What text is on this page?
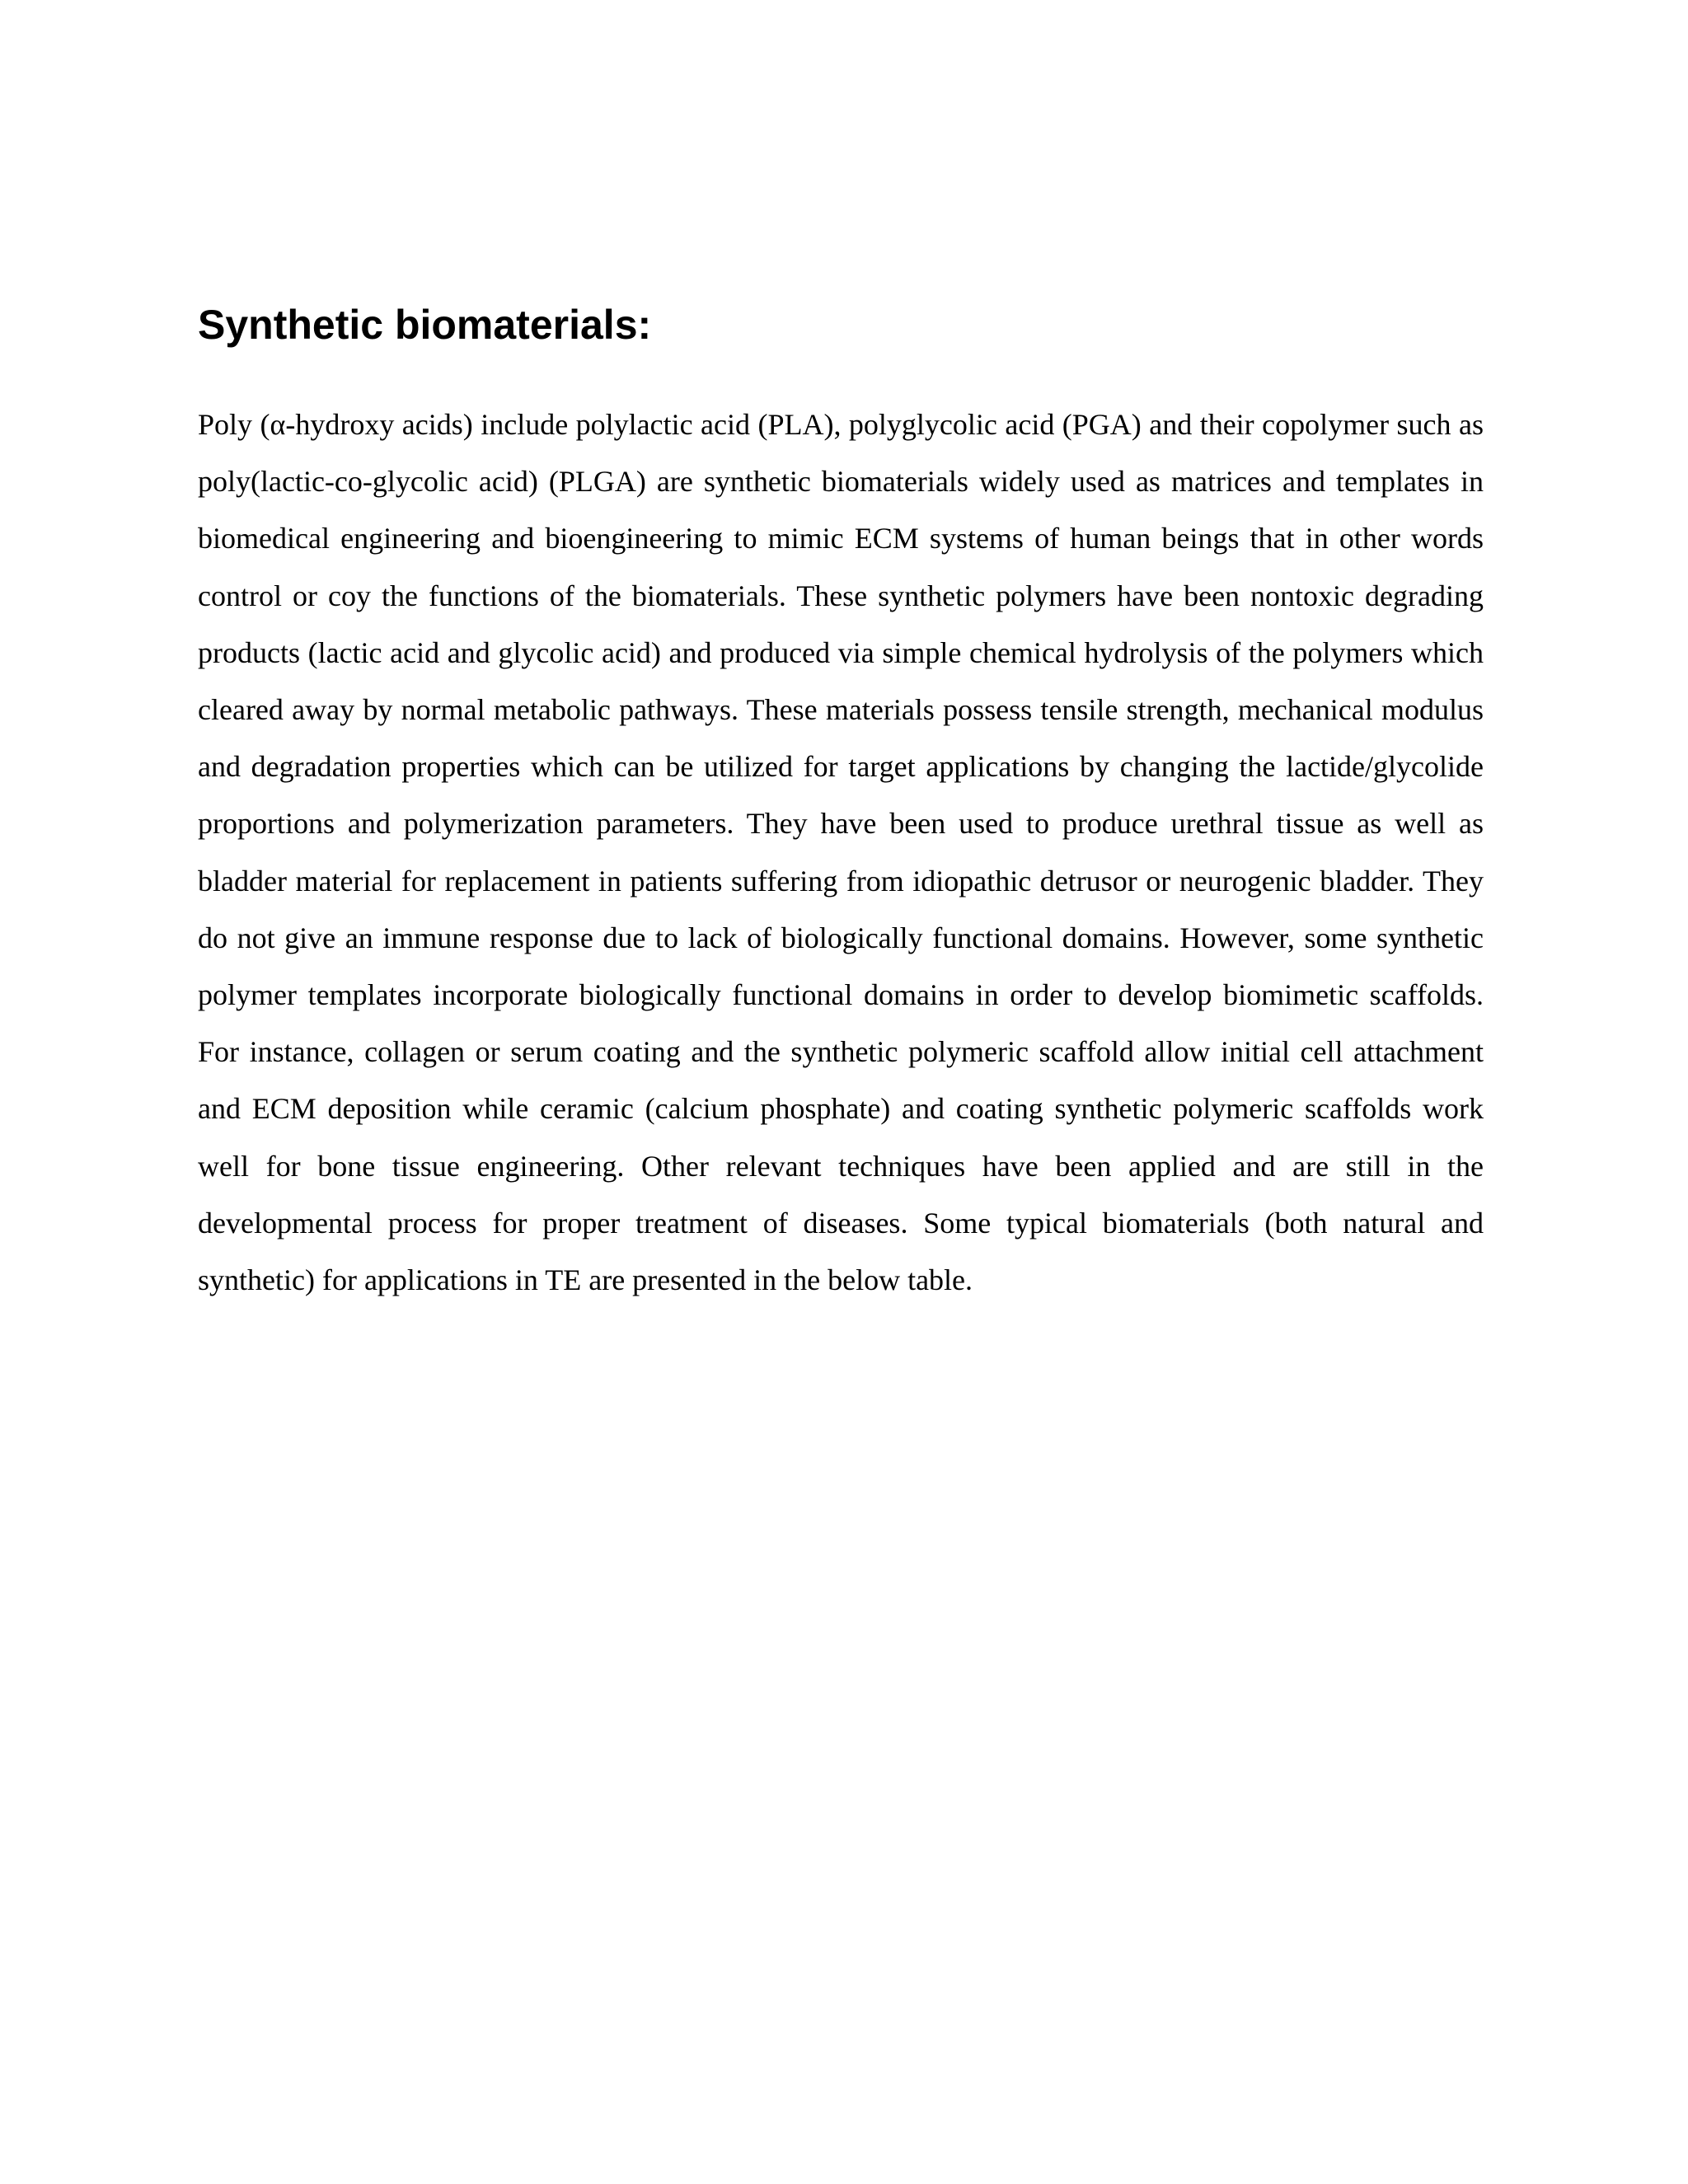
Synthetic biomaterials:

Poly (α-hydroxy acids) include polylactic acid (PLA), polyglycolic acid (PGA) and their copolymer such as poly(lactic-co-glycolic acid) (PLGA) are synthetic biomaterials widely used as matrices and templates in biomedical engineering and bioengineering to mimic ECM systems of human beings that in other words control or coy the functions of the biomaterials. These synthetic polymers have been nontoxic degrading products (lactic acid and glycolic acid) and produced via simple chemical hydrolysis of the polymers which cleared away by normal metabolic pathways. These materials possess tensile strength, mechanical modulus and degradation properties which can be utilized for target applications by changing the lactide/glycolide proportions and polymerization parameters. They have been used to produce urethral tissue as well as bladder material for replacement in patients suffering from idiopathic detrusor or neurogenic bladder. They do not give an immune response due to lack of biologically functional domains. However, some synthetic polymer templates incorporate biologically functional domains in order to develop biomimetic scaffolds. For instance, collagen or serum coating and the synthetic polymeric scaffold allow initial cell attachment and ECM deposition while ceramic (calcium phosphate) and coating synthetic polymeric scaffolds work well for bone tissue engineering. Other relevant techniques have been applied and are still in the developmental process for proper treatment of diseases. Some typical biomaterials (both natural and synthetic) for applications in TE are presented in the below table.
